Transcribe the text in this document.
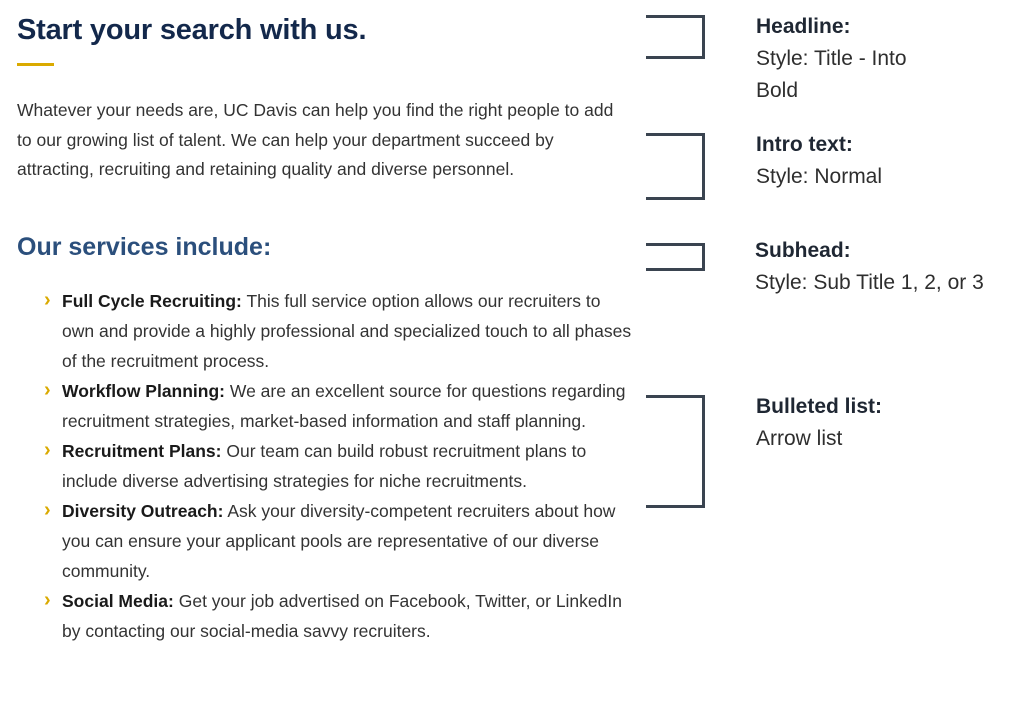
Start your search with us.

Whatever your needs are, UC Davis can help you find the right people to add to our growing list of talent. We can help your department succeed by attracting, recruiting and retaining quality and diverse personnel.

Our services include:
› Full Cycle Recruiting: This full service option allows our recruiters to own and provide a highly professional and specialized touch to all phases of the recruitment process.
› Workflow Planning: We are an excellent source for questions regarding recruitment strategies, market-based information and staff planning.
› Recruitment Plans: Our team can build robust recruitment plans to include diverse advertising strategies for niche recruitments.
› Diversity Outreach: Ask your diversity-competent recruiters about how you can ensure your applicant pools are representative of our diverse community.
› Social Media: Get your job advertised on Facebook, Twitter, or LinkedIn by contacting our social-media savvy recruiters.
Headline:
Style: Title - Into Bold
Intro text:
Style: Normal
Subhead:
Style: Sub Title 1, 2, or 3
Bulleted list:
Arrow list
